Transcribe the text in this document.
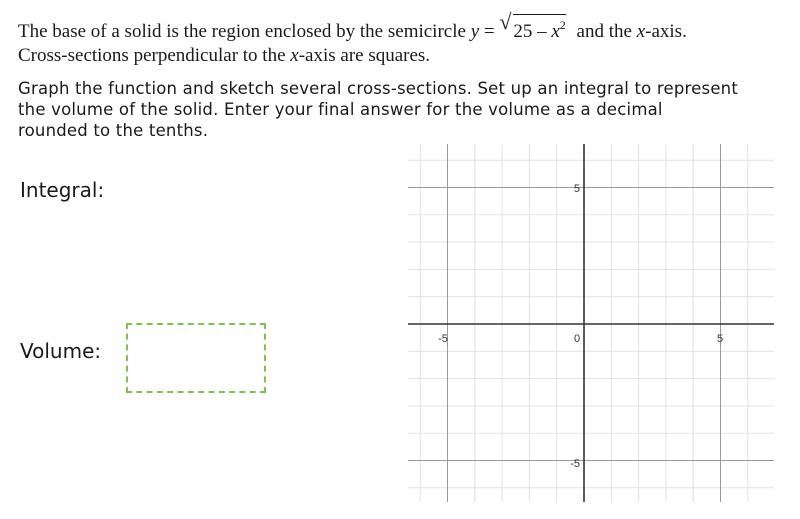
The base of a solid is the region enclosed by the semicircle y = √ $25 - x^2$ and the x-axis.
Cross-sections perpendicular to the x-axis are squares.
Graph the function and sketch several cross-sections. Set up an integral to represent the volume of the solid. Enter your final answer for the volume as a decimal rounded to the tenths.
Integral:
Volume:	-5	0	5
5
-5
